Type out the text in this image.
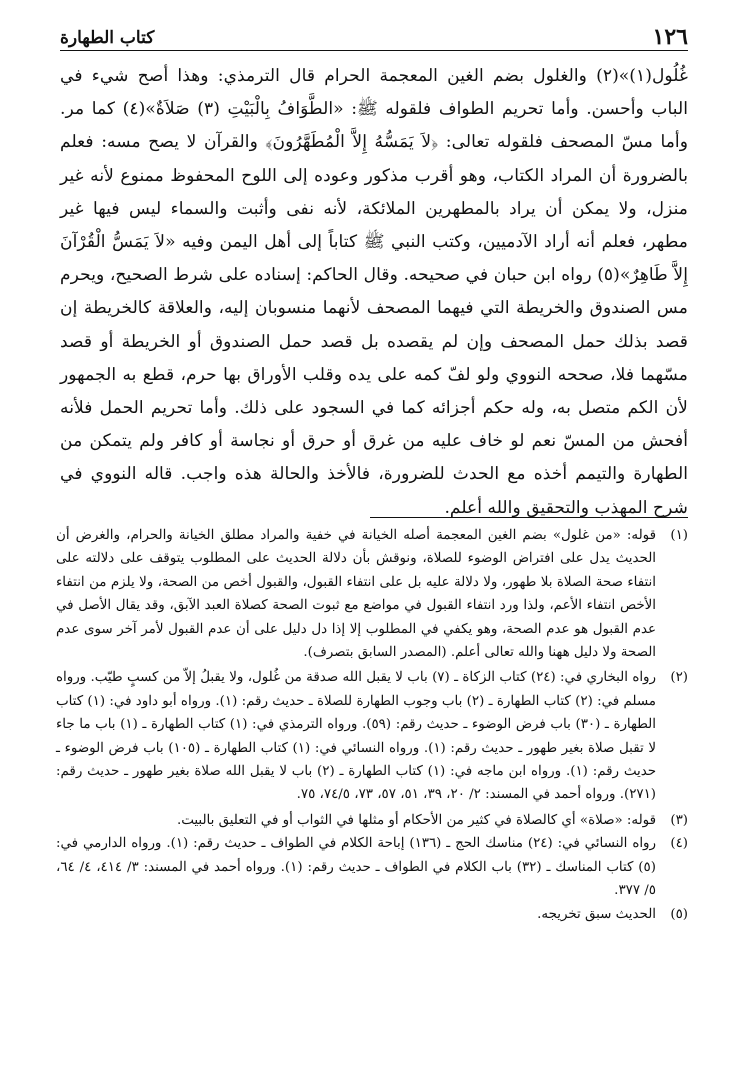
١٢٦
كتاب الطهارة

غُلُول(١)»(٢) والغلول بضم الغين المعجمة الحرام قال الترمذي: وهذا أصح شيء في الباب وأحسن. وأما تحريم الطواف فلقوله ﷺ: «الطَّوَافُ بِالْبَيْتِ (٣) صَلاَةٌ»(٤) كما مر. وأما مسّ المصحف فلقوله تعالى: ﴿لاَ يَمَسُّهُ إِلاَّ الْمُطَهَّرُونَ﴾ والقرآن لا يصح مسه: فعلم بالضرورة أن المراد الكتاب، وهو أقرب مذكور وعوده إلى اللوح المحفوظ ممنوع لأنه غير منزل، ولا يمكن أن يراد بالمطهرين الملائكة، لأنه نفى وأثبت والسماء ليس فيها غير مطهر، فعلم أنه أراد الآدميين، وكتب النبي ﷺ كتاباً إلى أهل اليمن وفيه «لاَ يَمَسُّ الْقُرْآنَ إِلاَّ طَاهِرٌ»(٥) رواه ابن حبان في صحيحه. وقال الحاكم: إسناده على شرط الصحيح، ويحرم مس الصندوق والخريطة التي فيهما المصحف لأنهما منسوبان إليه، والعلاقة كالخريطة إن قصد بذلك حمل المصحف وإن لم يقصده بل قصد حمل الصندوق أو الخريطة أو قصد مسّهما فلا، صححه النووي ولو لفّ كمه على يده وقلب الأوراق بها حرم، قطع به الجمهور لأن الكم متصل به، وله حكم أجزائه كما في السجود على ذلك. وأما تحريم الحمل فلأنه أفحش من المسّ نعم لو خاف عليه من غرق أو حرق أو نجاسة أو كافر ولم يتمكن من الطهارة والتيمم أخذه مع الحدث للضرورة، فالأخذ والحالة هذه واجب. قاله النووي في شرح المهذب والتحقيق والله أعلم.

(١)
قوله: «من غلول» بضم الغين المعجمة أصله الخيانة في خفية والمراد مطلق الخيانة والحرام، والغرض أن الحديث يدل على افتراض الوضوء للصلاة، ونوقش بأن دلالة الحديث على المطلوب يتوقف على دلالته على انتفاء صحة الصلاة بلا طهور، ولا دلالة عليه بل على انتفاء القبول، والقبول أخص من الصحة، ولا يلزم من انتفاء الأخص انتفاء الأعم، ولذا ورد انتفاء القبول في مواضع مع ثبوت الصحة كصلاة العبد الآبق، وقد يقال الأصل في عدم القبول هو عدم الصحة، وهو يكفي في المطلوب إلا إذا دل دليل على أن عدم القبول لأمر آخر سوى عدم الصحة ولا دليل ههنا والله تعالى أعلم. (المصدر السابق بتصرف).
(٢)
رواه البخاري في: (٢٤) كتاب الزكاة ـ (٧) باب لا يقبل الله صدقة من غُلول، ولا يقبلُ إلاّ من كسبٍ طيّب. ورواه مسلم في: (٢) كتاب الطهارة ـ (٢) باب وجوب الطهارة للصلاة ـ حديث رقم: (١). ورواه أبو داود في: (١) كتاب الطهارة ـ (٣٠) باب فرض الوضوء ـ حديث رقم: (٥٩). ورواه الترمذي في: (١) كتاب الطهارة ـ (١) باب ما جاء لا تقبل صلاة بغير طهور ـ حديث رقم: (١). ورواه النسائي في: (١) كتاب الطهارة ـ (١٠٥) باب فرض الوضوء ـ حديث رقم: (١). ورواه ابن ماجه في: (١) كتاب الطهارة ـ (٢) باب لا يقبل الله صلاة بغير طهور ـ حديث رقم: (٢٧١). ورواه أحمد في المسند: ٢/ ٢٠، ٣٩، ٥١، ٥٧، ٧٣، ٧٤/٥، ٧٥.
(٣)
قوله: «صلاة» أي كالصلاة في كثير من الأحكام أو مثلها في الثواب أو في التعليق بالبيت.
(٤)
رواه النسائي في: (٢٤) مناسك الحج ـ (١٣٦) إباحة الكلام في الطواف ـ حديث رقم: (١). ورواه الدارمي في: (٥) كتاب المناسك ـ (٣٢) باب الكلام في الطواف ـ حديث رقم: (١). ورواه أحمد في المسند: ٣/ ٤١٤، ٤/ ٦٤، ٥/ ٣٧٧.
(٥)
الحديث سبق تخريجه.
